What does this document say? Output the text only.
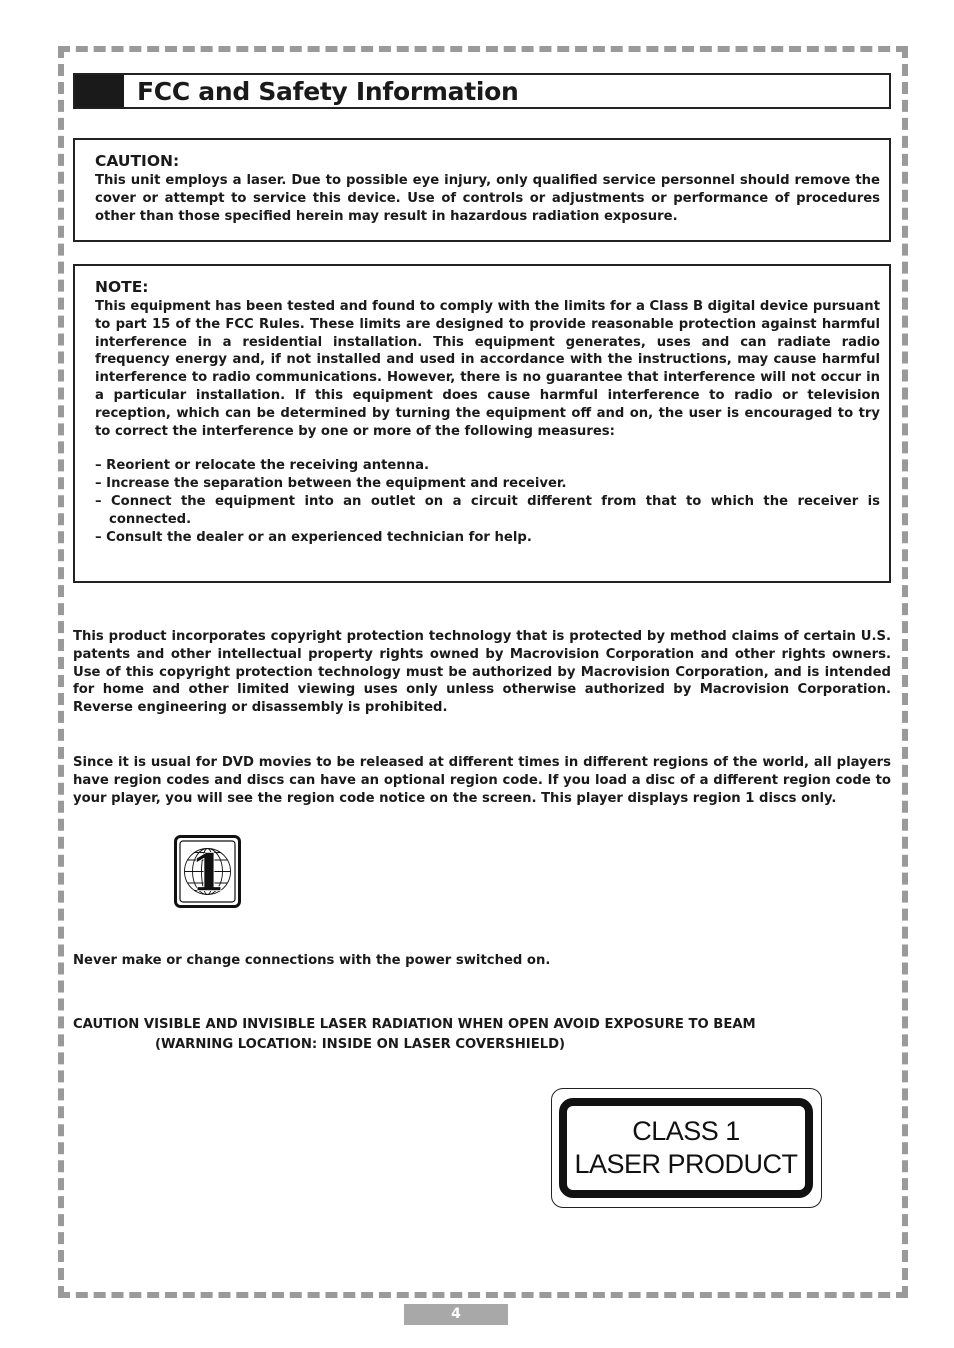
FCC and Safety Information

CAUTION:

This unit employs a laser. Due to possible eye injury, only qualified service personnel should remove the cover or attempt to service this device. Use of controls or adjustments or performance of procedures other than those specified herein may result in hazardous radiation exposure.

NOTE:

This equipment has been tested and found to comply with the limits for a Class B digital device pursuant to part 15 of the FCC Rules. These limits are designed to provide reasonable protection against harmful interference in a residential installation. This equipment generates, uses and can radiate radio frequency energy and, if not installed and used in accordance with the instructions, may cause harmful interference to radio communications. However, there is no guarantee that interference will not occur in a particular installation. If this equipment does cause harmful interference to radio or television reception, which can be determined by turning the equipment off and on, the user is encouraged to try to correct the interference by one or more of the following measures:

– Reorient or relocate the receiving antenna.
– Increase the separation between the equipment and receiver.
– Connect the equipment into an outlet on a circuit different from that to which the receiver is connected.
– Consult the dealer or an experienced technician for help.

This product incorporates copyright protection technology that is protected by method claims of certain U.S. patents and other intellectual property rights owned by Macrovision Corporation and other rights owners. Use of this copyright protection technology must be authorized by Macrovision Corporation, and is intended for home and other limited viewing uses only unless otherwise authorized by Macrovision Corporation. Reverse engineering or disassembly is prohibited.

Since it is usual for DVD movies to be released at different times in different regions of the world, all players have region codes and discs can have an optional region code. If you load a disc of a different region code to your player, you will see the region code notice on the screen. This player displays region 1 discs only.

1

Never make or change connections with the power switched on.

CAUTION VISIBLE AND INVISIBLE LASER RADIATION WHEN OPEN AVOID EXPOSURE TO BEAM

(WARNING LOCATION: INSIDE ON LASER COVERSHIELD)

CLASS 1
LASER PRODUCT
4
